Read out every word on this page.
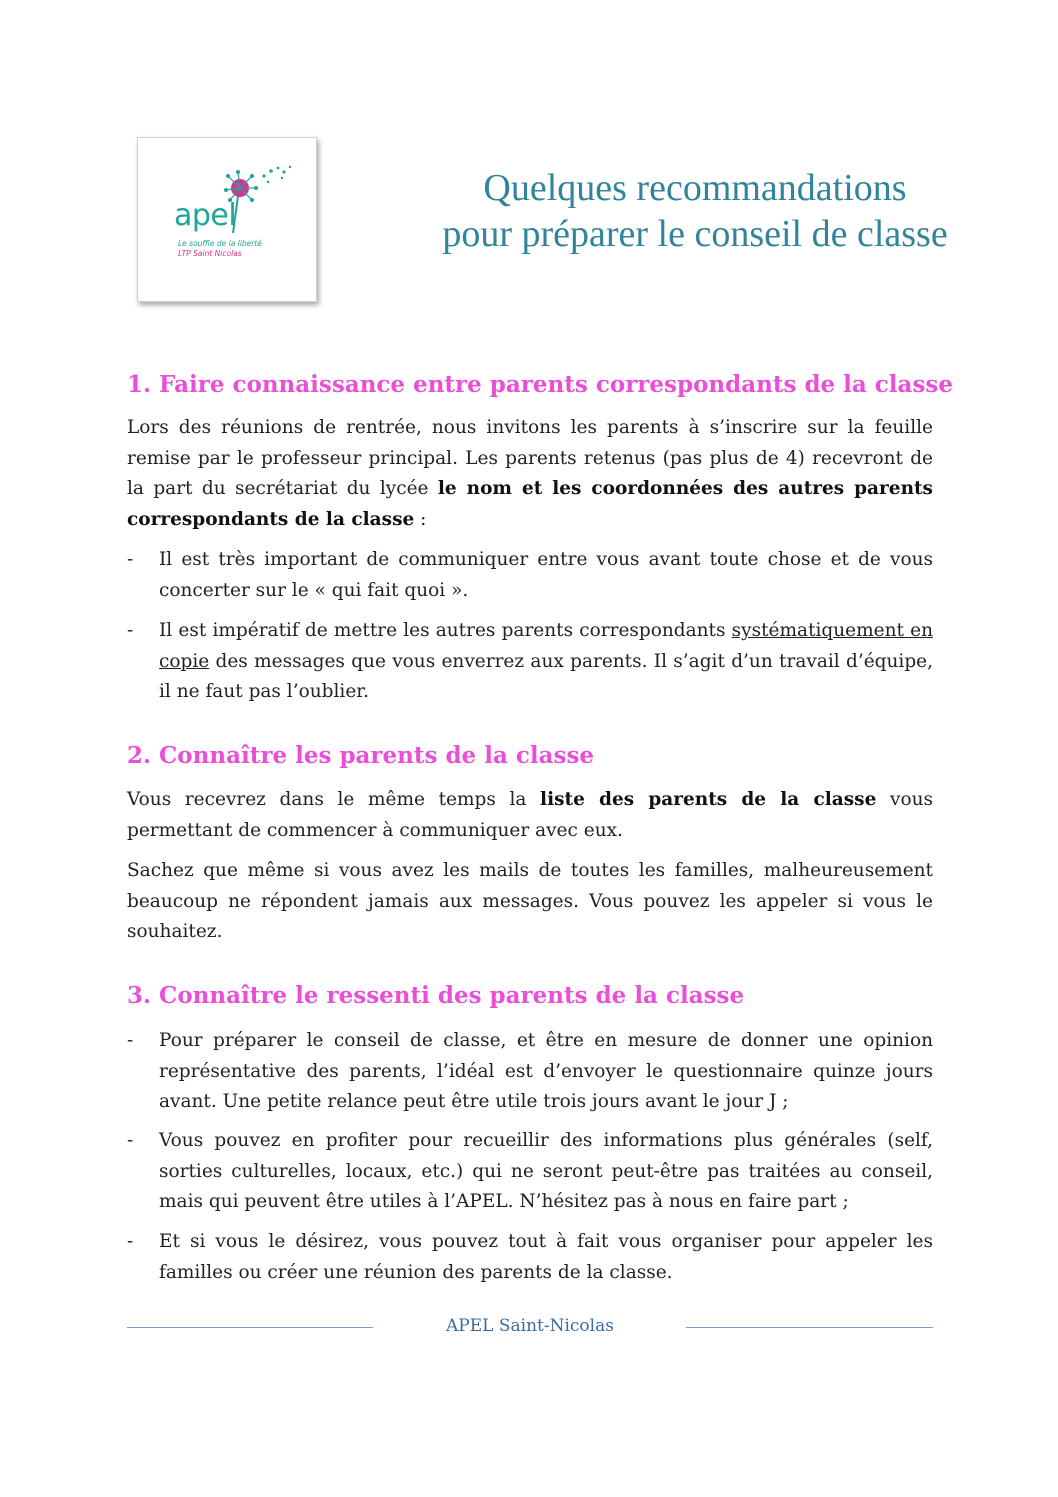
apel
Le souffle de la liberté
LTP Saint Nicolas
Quelques recommandations
pour préparer le conseil de classe
1. Faire connaissance entre parents correspondants de la classe

Lors des réunions de rentrée, nous invitons les parents à s’inscrire sur la feuille remise par le professeur principal. Les parents retenus (pas plus de 4) recevront de la part du secrétariat du lycée le nom et les coordonnées des autres parents correspondants de la classe :

- Il est très important de communiquer entre vous avant toute chose et de vous concerter sur le « qui fait quoi ».
- Il est impératif de mettre les autres parents correspondants systématiquement en copie des messages que vous enverrez aux parents. Il s’agit d’un travail d’équipe, il ne faut pas l’oublier.
2. Connaître les parents de la classe

Vous recevrez dans le même temps la liste des parents de la classe vous permettant de commencer à communiquer avec eux.

Sachez que même si vous avez les mails de toutes les familles, malheureusement beaucoup ne répondent jamais aux messages. Vous pouvez les appeler si vous le souhaitez.

3. Connaître le ressenti des parents de la classe
- Pour préparer le conseil de classe, et être en mesure de donner une opinion représentative des parents, l’idéal est d’envoyer le questionnaire quinze jours avant. Une petite relance peut être utile trois jours avant le jour J ;
- Vous pouvez en profiter pour recueillir des informations plus générales (self, sorties culturelles, locaux, etc.) qui ne seront peut-être pas traitées au conseil, mais qui peuvent être utiles à l’APEL. N’hésitez pas à nous en faire part ;
- Et si vous le désirez, vous pouvez tout à fait vous organiser pour appeler les familles ou créer une réunion des parents de la classe.
APEL Saint-Nicolas
